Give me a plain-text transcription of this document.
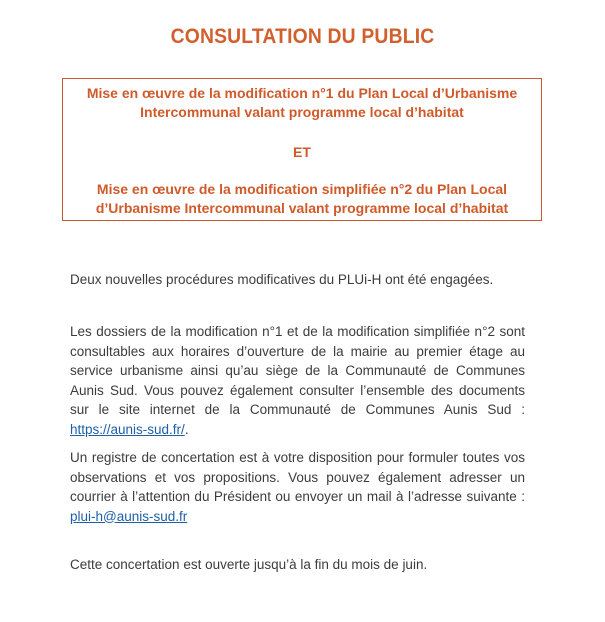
CONSULTATION DU PUBLIC

Mise en œuvre de la modification n°1 du Plan Local d’Urbanisme Intercommunal valant programme local d’habitat

ET

Mise en œuvre de la modification simplifiée n°2 du Plan Local d’Urbanisme Intercommunal valant programme local d’habitat

Deux nouvelles procédures modificatives du PLUi-H ont été engagées.
Les dossiers de la modification n°1 et de la modification simplifiée n°2 sont consultables aux horaires d’ouverture de la mairie au premier étage au service urbanisme ainsi qu’au siège de la Communauté de Communes Aunis Sud. Vous pouvez également consulter l’ensemble des documents sur le site internet de la Communauté de Communes Aunis Sud : https://aunis-sud.fr/.
Un registre de concertation est à votre disposition pour formuler toutes vos observations et vos propositions. Vous pouvez également adresser un courrier à l’attention du Président ou envoyer un mail à l’adresse suivante : plui-h@aunis-sud.fr
Cette concertation est ouverte jusqu’à la fin du mois de juin.
